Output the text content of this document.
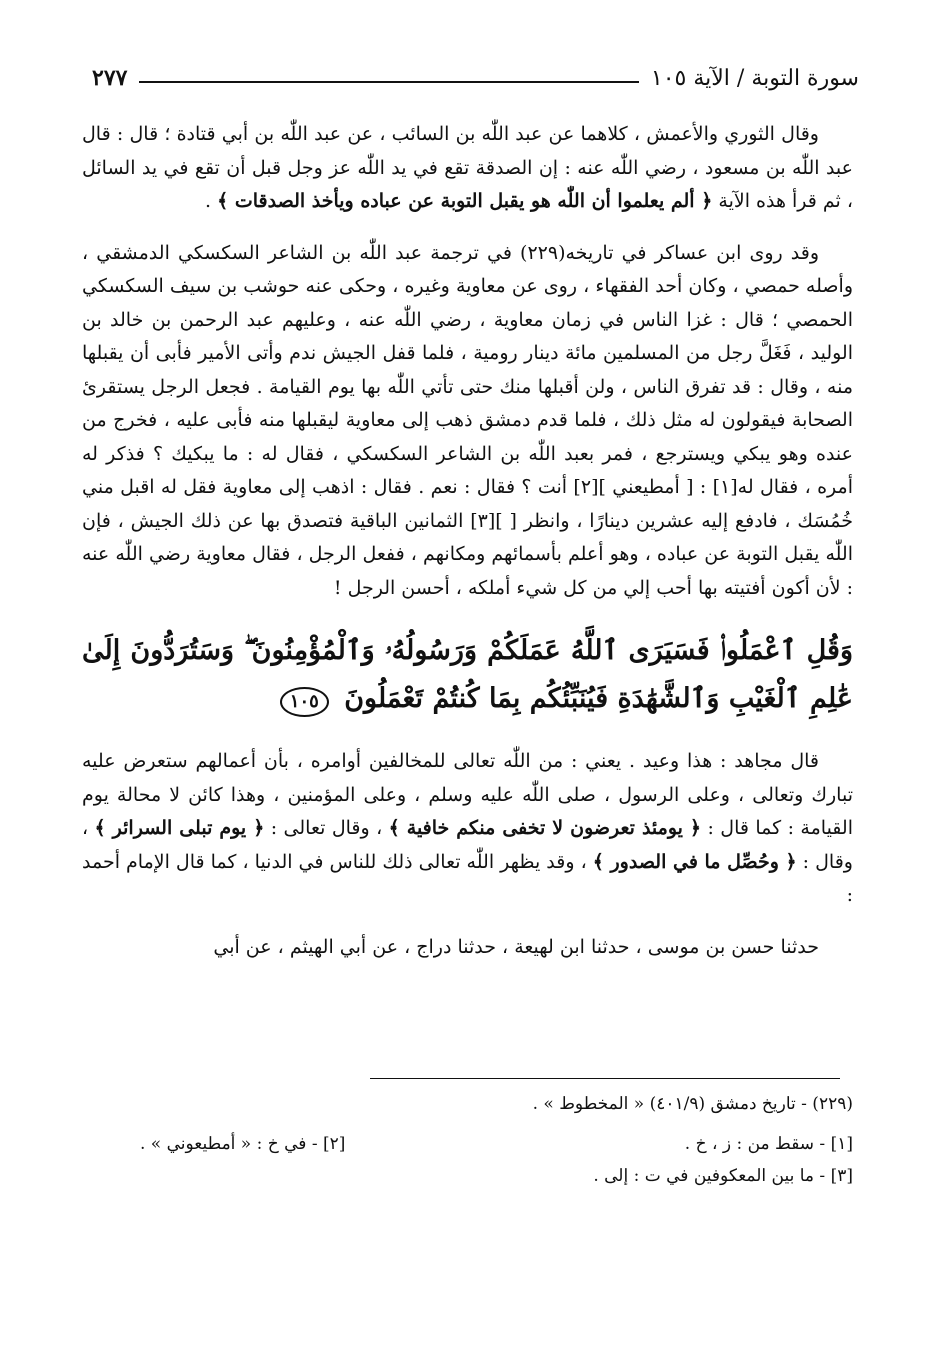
سورة التوبة / الآية ١٠٥
٢٧٧

وقال الثوري والأعمش ، كلاهما عن عبد اللّٰه بن السائب ، عن عبد اللّٰه بن أبي قتادة ؛ قال : قال عبد اللّٰه بن مسعود ، رضي اللّٰه عنه : إن الصدقة تقع في يد اللّٰه عز وجل قبل أن تقع في يد السائل ، ثم قرأ هذه الآية ﴿ ألم يعلموا أن اللّٰه هو يقبل التوبة عن عباده ويأخذ الصدقات ﴾ .

وقد روى ابن عساكر في تاريخه(٢٢٩) في ترجمة عبد اللّٰه بن الشاعر السكسكي الدمشقي ، وأصله حمصي ، وكان أحد الفقهاء ، روى عن معاوية وغيره ، وحكى عنه حوشب بن سيف السكسكي الحمصي ؛ قال : غزا الناس في زمان معاوية ، رضي اللّٰه عنه ، وعليهم عبد الرحمن بن خالد بن الوليد ، فَغَلَّ رجل من المسلمين مائة دينار رومية ، فلما قفل الجيش ندم وأتى الأمير فأبى أن يقبلها منه ، وقال : قد تفرق الناس ، ولن أقبلها منك حتى تأتي اللّٰه بها يوم القيامة . فجعل الرجل يستقرئ الصحابة فيقولون له مثل ذلك ، فلما قدم دمشق ذهب إلى معاوية ليقبلها منه فأبى عليه ، فخرج من عنده وهو يبكي ويسترجع ، فمر بعبد اللّٰه بن الشاعر السكسكي ، فقال له : ما يبكيك ؟ فذكر له أمره ، فقال له[١] : [ أمطيعني ][٢] أنت ؟ فقال : نعم . فقال : اذهب إلى معاوية فقل له اقبل مني خُمُسَك ، فادفع إليه عشرين دينارًا ، وانظر [ ][٣] الثمانين الباقية فتصدق بها عن ذلك الجيش ، فإن اللّٰه يقبل التوبة عن عباده ، وهو أعلم بأسمائهم ومكانهم ، ففعل الرجل ، فقال معاوية رضي اللّٰه عنه : لأن أكون أفتيته بها أحب إلي من كل شيء أملكه ، أحسن الرجل !

وَقُلِ ٱعْمَلُوا۟ فَسَيَرَى ٱللَّهُ عَمَلَكُمْ وَرَسُولُهُۥ وَٱلْمُؤْمِنُونَ ۖ وَسَتُرَدُّونَ إِلَىٰ عَٰلِمِ ٱلْغَيْبِ وَٱلشَّهَٰدَةِ فَيُنَبِّئُكُم بِمَا كُنتُمْ تَعْمَلُونَ ١٠٥

قال مجاهد : هذا وعيد . يعني : من اللّٰه تعالى للمخالفين أوامره ، بأن أعمالهم ستعرض عليه تبارك وتعالى ، وعلى الرسول ، صلى اللّٰه عليه وسلم ، وعلى المؤمنين ، وهذا كائن لا محالة يوم القيامة : كما قال : ﴿ يومئذ تعرضون لا تخفى منكم خافية ﴾ ، وقال تعالى : ﴿ يوم تبلى السرائر ﴾ ، وقال : ﴿ وحُصِّل ما في الصدور ﴾ ، وقد يظهر اللّٰه تعالى ذلك للناس في الدنيا ، كما قال الإمام أحمد :

حدثنا حسن بن موسى ، حدثنا ابن لهيعة ، حدثنا دراج ، عن أبي الهيثم ، عن أبي

(٢٢٩) - تاريخ دمشق (٤٠١/٩) « المخطوط » .
[١] - سقط من : ز ، خ .
[٢] - في خ : « أمطيعوني » .
[٣] - ما بين المعكوفين في ت : إلى .
